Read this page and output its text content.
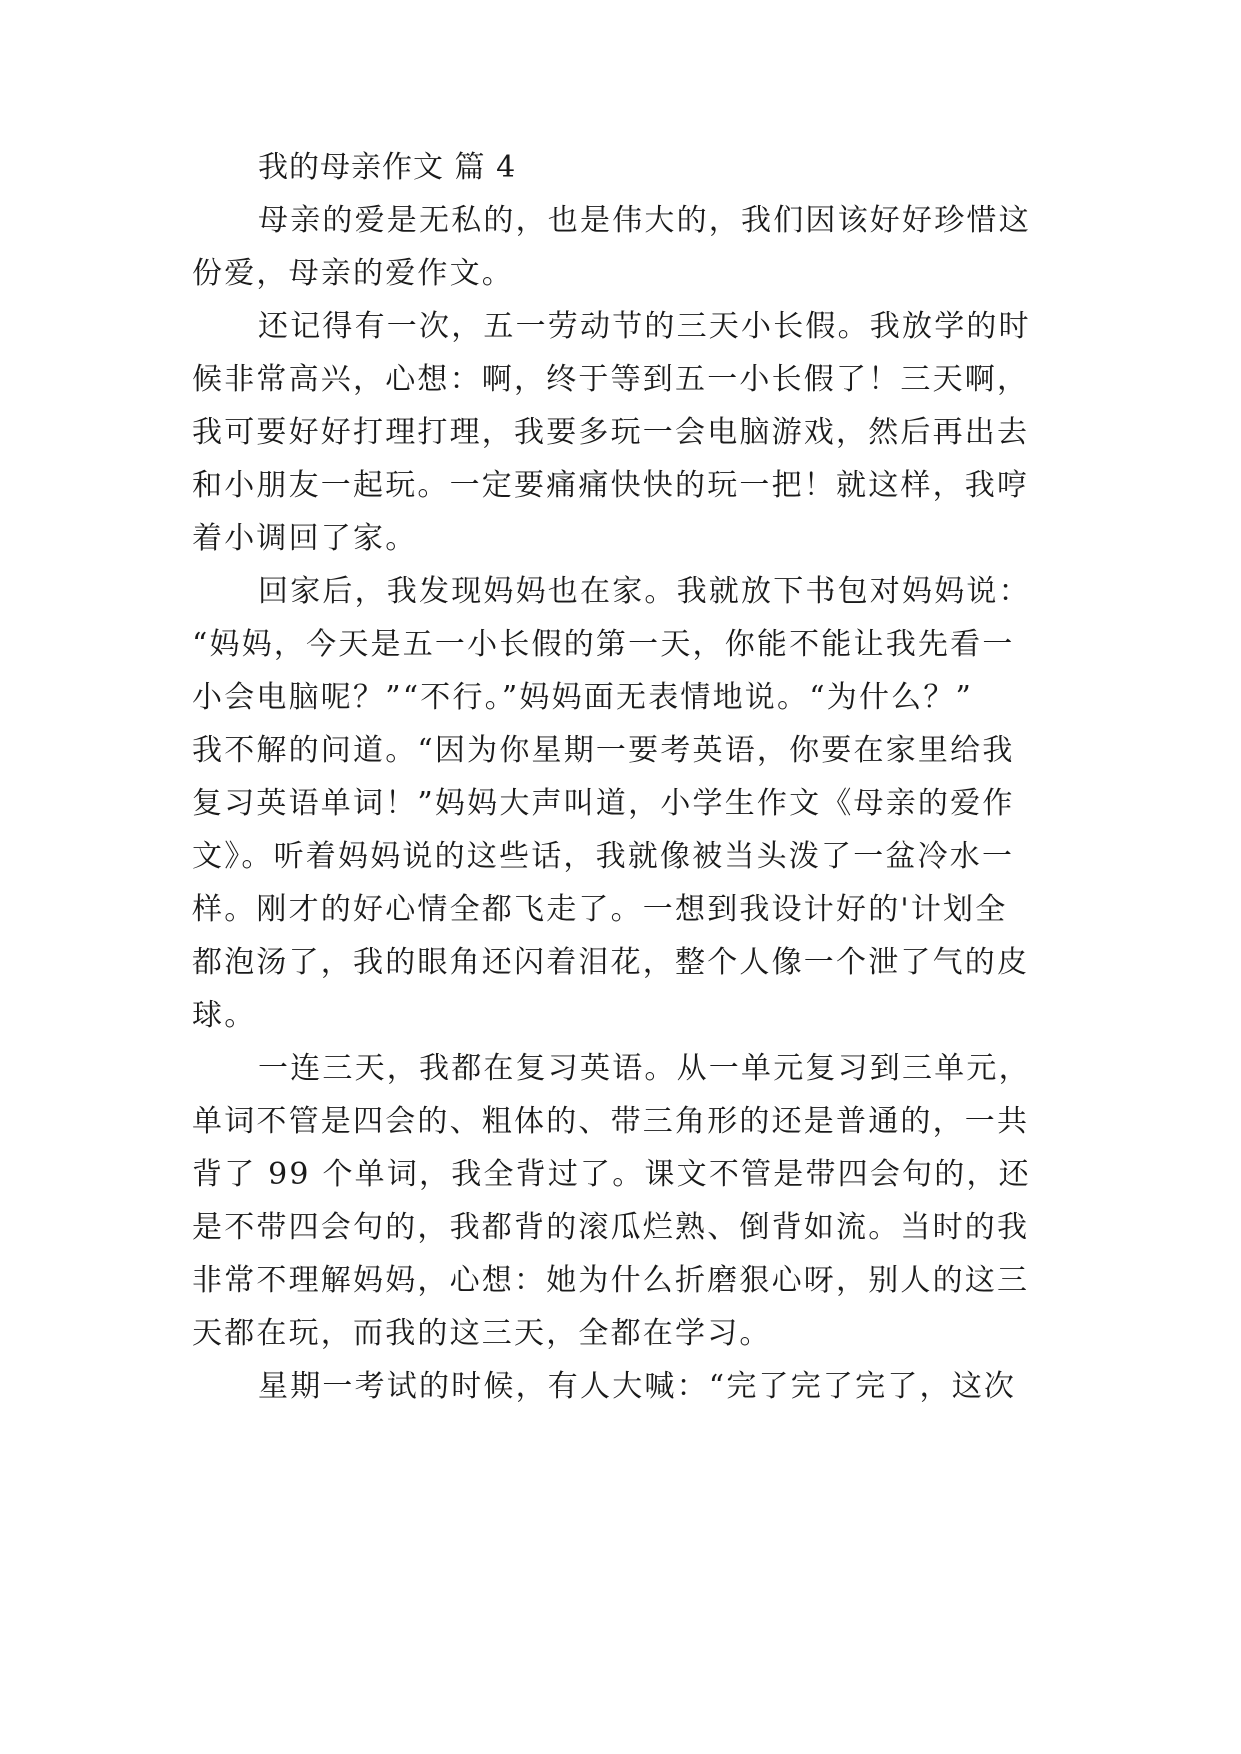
我的母亲作文 篇 4
母亲的爱是无私的，也是伟大的，我们因该好好珍惜这
份爱，母亲的爱作文。
还记得有一次，五一劳动节的三天小长假。我放学的时
候非常高兴，心想：啊，终于等到五一小长假了！三天啊，
我可要好好打理打理，我要多玩一会电脑游戏，然后再出去
和小朋友一起玩。一定要痛痛快快的玩一把！就这样，我哼
着小调回了家。
回家后，我发现妈妈也在家。我就放下书包对妈妈说：
“妈妈，今天是五一小长假的第一天，你能不能让我先看一
小会电脑呢？”“不行。”妈妈面无表情地说。“为什么？”
我不解的问道。“因为你星期一要考英语，你要在家里给我
复习英语单词！”妈妈大声叫道，小学生作文《母亲的爱作
文》。听着妈妈说的这些话，我就像被当头泼了一盆冷水一
样。刚才的好心情全都飞走了。一想到我设计好的'计划全
都泡汤了，我的眼角还闪着泪花，整个人像一个泄了气的皮
球。
一连三天，我都在复习英语。从一单元复习到三单元，
单词不管是四会的、粗体的、带三角形的还是普通的，一共
背了 99 个单词，我全背过了。课文不管是带四会句的，还
是不带四会句的，我都背的滚瓜烂熟、倒背如流。当时的我
非常不理解妈妈，心想：她为什么折磨狠心呀，别人的这三
天都在玩，而我的这三天，全都在学习。
星期一考试的时候，有人大喊：“完了完了完了，这次
